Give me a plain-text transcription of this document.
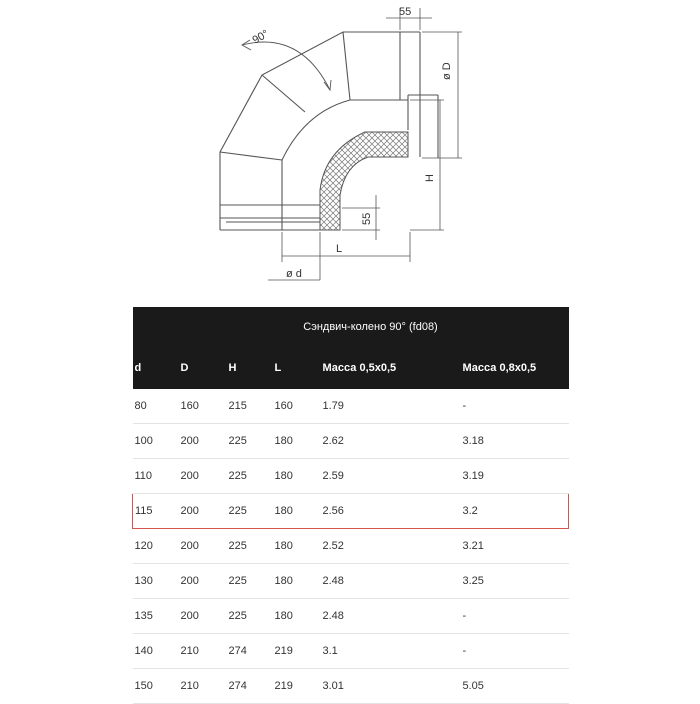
90°
55
ø D
H
55
L
ø d
Сэндвич-колено 90° (fd08)					
d	D	H	L	Масса 0,5х0,5	Масса 0,8х0,5
80	160	215	160	1.79	-
100	200	225	180	2.62	3.18
110	200	225	180	2.59	3.19
115	200	225	180	2.56	3.2
120	200	225	180	2.52	3.21
130	200	225	180	2.48	3.25
135	200	225	180	2.48	-
140	210	274	219	3.1	-
150	210	274	219	3.01	5.05
